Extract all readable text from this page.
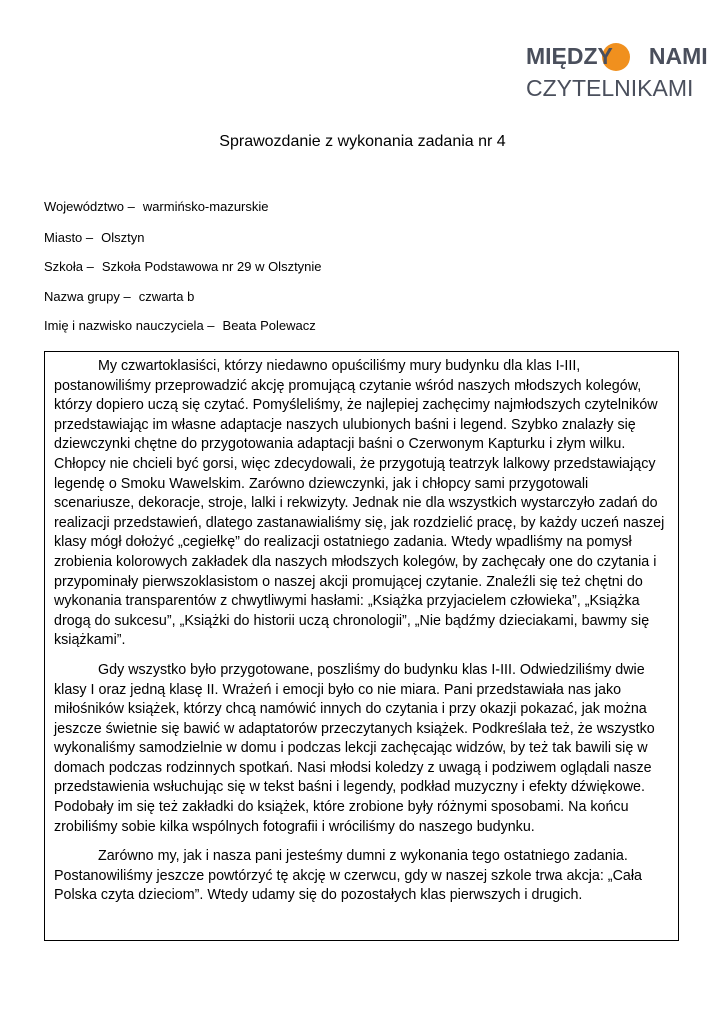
MIĘDZY NAMI
CZYTELNIKAMI
Sprawozdanie z wykonania zadania nr 4
Województwo – warmińsko-mazurskie
Miasto – Olsztyn
Szkoła – Szkoła Podstawowa nr 29 w Olsztynie
Nazwa grupy – czwarta b
Imię i nazwisko nauczyciela – Beata Polewacz

My czwartoklasiści, którzy niedawno opuściliśmy mury budynku dla klas I-III, postanowiliśmy przeprowadzić akcję promującą czytanie wśród naszych młodszych kolegów, którzy dopiero uczą się czytać. Pomyśleliśmy, że najlepiej zachęcimy najmłodszych czytelników przedstawiając im własne adaptacje naszych ulubionych baśni i legend. Szybko znalazły się dziewczynki chętne do przygotowania adaptacji baśni o Czerwonym Kapturku i złym wilku. Chłopcy nie chcieli być gorsi, więc zdecydowali, że przygotują teatrzyk lalkowy przedstawiający legendę o Smoku Wawelskim. Zarówno dziewczynki, jak i chłopcy sami przygotowali scenariusze, dekoracje, stroje, lalki i rekwizyty. Jednak nie dla wszystkich wystarczyło zadań do realizacji przedstawień, dlatego zastanawialiśmy się, jak rozdzielić pracę, by każdy uczeń naszej klasy mógł dołożyć „cegiełkę” do realizacji ostatniego zadania. Wtedy wpadliśmy na pomysł zrobienia kolorowych zakładek dla naszych młodszych kolegów, by zachęcały one do czytania i przypominały pierwszoklasistom o naszej akcji promującej czytanie. Znaleźli się też chętni do wykonania transparentów z chwytliwymi hasłami: „Książka przyjacielem człowieka”, „Książka drogą do sukcesu”, „Książki do historii uczą chronologii”, „Nie bądźmy dzieciakami, bawmy się książkami”.

Gdy wszystko było przygotowane, poszliśmy do budynku klas I-III. Odwiedziliśmy dwie klasy I oraz jedną klasę II. Wrażeń i emocji było co nie miara. Pani przedstawiała nas jako miłośników książek, którzy chcą namówić innych do czytania i przy okazji pokazać, jak można jeszcze świetnie się bawić w adaptatorów przeczytanych książek. Podkreślała też, że wszystko wykonaliśmy samodzielnie w domu i podczas lekcji zachęcając widzów, by też tak bawili się w domach podczas rodzinnych spotkań. Nasi młodsi koledzy z uwagą i podziwem oglądali nasze przedstawienia wsłuchując się w tekst baśni i legendy, podkład muzyczny i efekty dźwiękowe. Podobały im się też zakładki do książek, które zrobione były różnymi sposobami. Na końcu zrobiliśmy sobie kilka wspólnych fotografii i wróciliśmy do naszego budynku.

Zarówno my, jak i nasza pani jesteśmy dumni z wykonania tego ostatniego zadania. Postanowiliśmy jeszcze powtórzyć tę akcję w czerwcu, gdy w naszej szkole trwa akcja: „Cała Polska czyta dzieciom”. Wtedy udamy się do pozostałych klas pierwszych i drugich.
